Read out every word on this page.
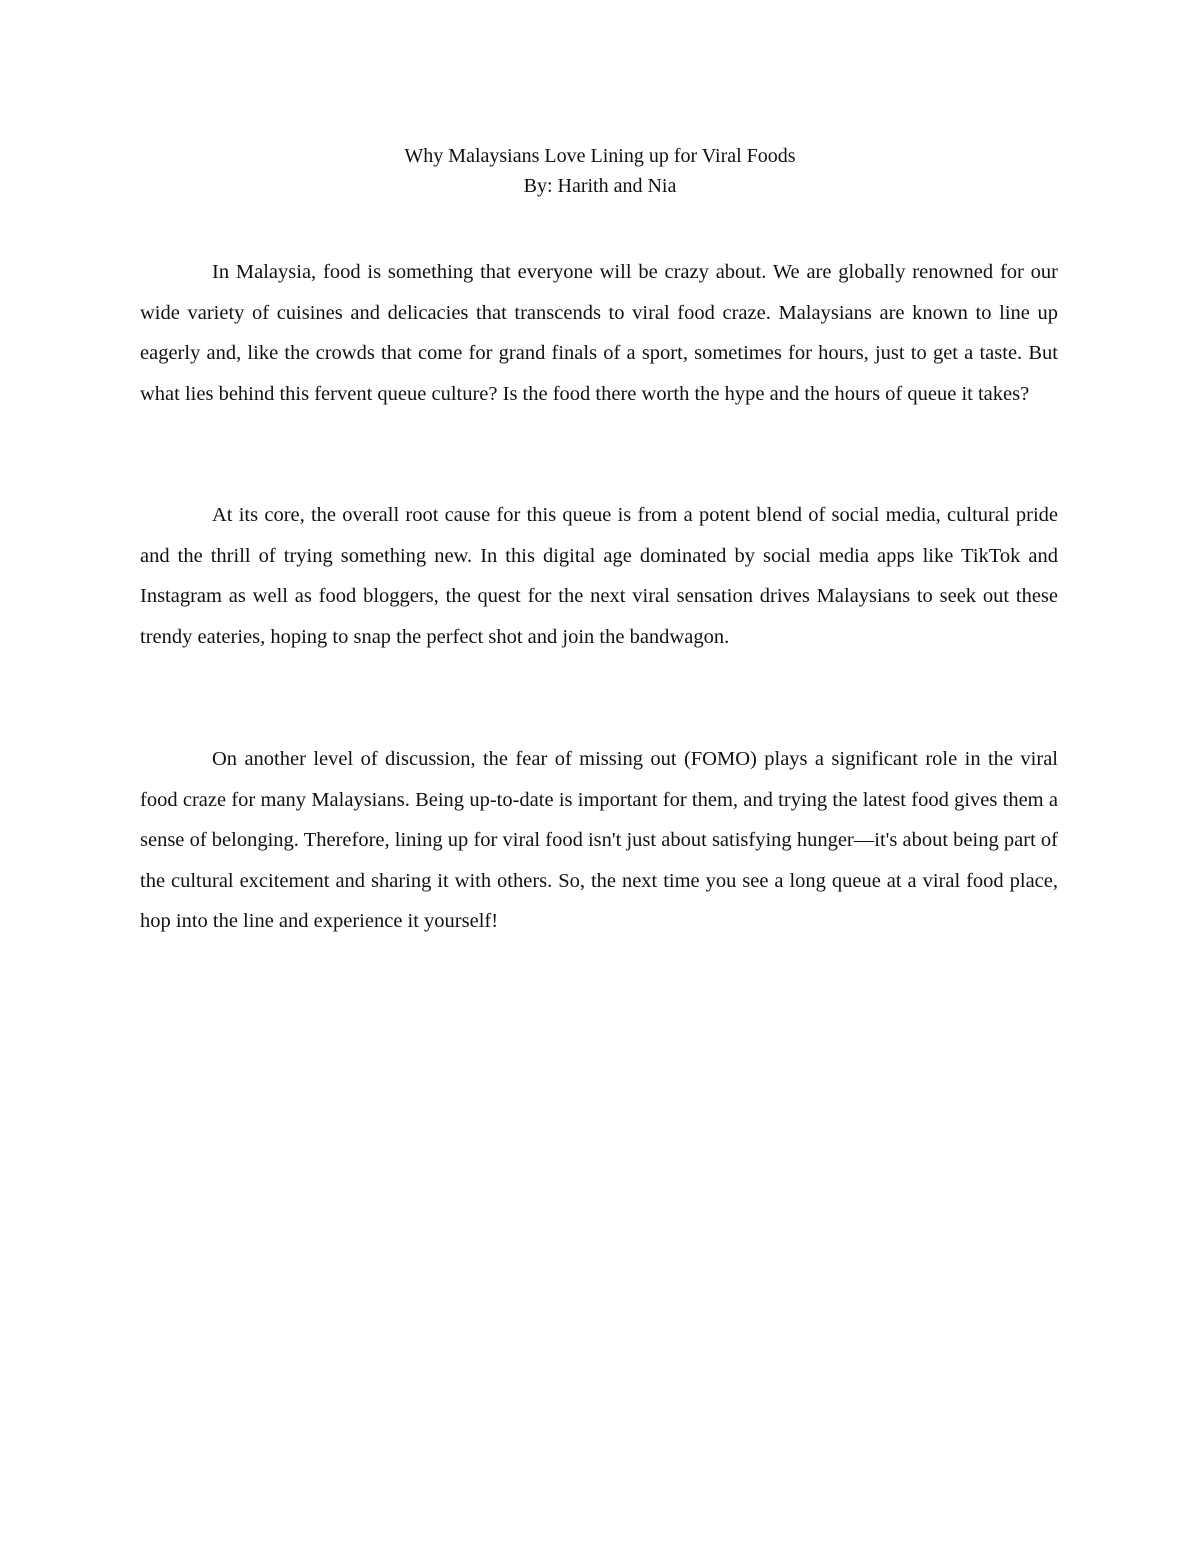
Why Malaysians Love Lining up for Viral Foods

By: Harith and Nia

In Malaysia, food is something that everyone will be crazy about. We are globally renowned for our wide variety of cuisines and delicacies that transcends to viral food craze. Malaysians are known to line up eagerly and, like the crowds that come for grand finals of a sport, sometimes for hours, just to get a taste. But what lies behind this fervent queue culture? Is the food there worth the hype and the hours of queue it takes?

At its core, the overall root cause for this queue is from a potent blend of social media, cultural pride and the thrill of trying something new. In this digital age dominated by social media apps like TikTok and Instagram as well as food bloggers, the quest for the next viral sensation drives Malaysians to seek out these trendy eateries, hoping to snap the perfect shot and join the bandwagon.

On another level of discussion, the fear of missing out (FOMO) plays a significant role in the viral food craze for many Malaysians. Being up-to-date is important for them, and trying the latest food gives them a sense of belonging. Therefore, lining up for viral food isn't just about satisfying hunger—it's about being part of the cultural excitement and sharing it with others. So, the next time you see a long queue at a viral food place, hop into the line and experience it yourself!
